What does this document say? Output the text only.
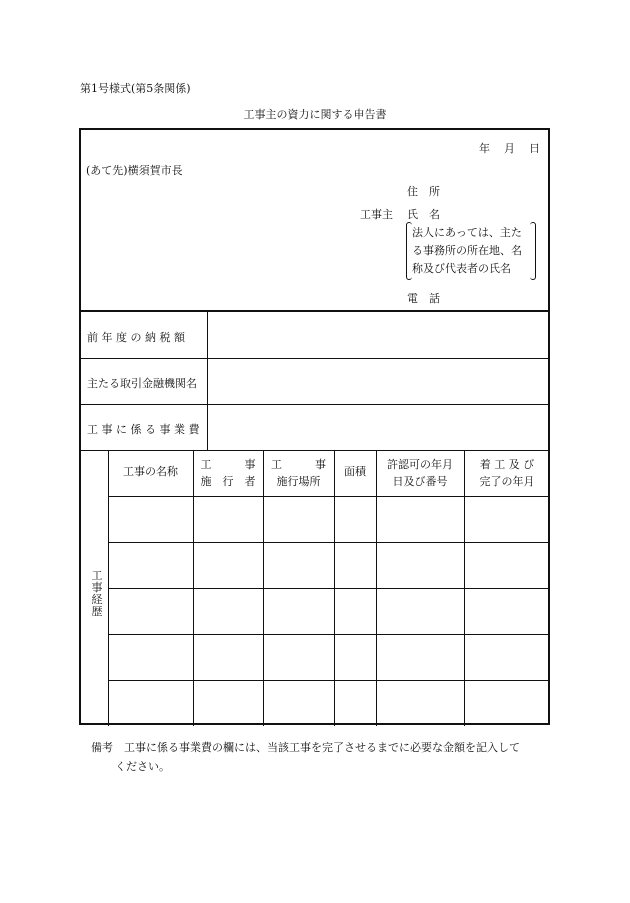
第1号様式(第5条関係)
工事主の資力に関する申告書
年 月 日
(あて先)横須賀市長
住　所
工事主 氏　名
法人にあっては、主た
る事務所の所在地、名
称及び代表者の氏名
電　話
前 年 度 の 納 税 額
主たる取引金融機関名
工 事 に 係 る 事 業 費
工事経歴
工事の名称
工　　　事
施　行　者
工　　　事
施行場所
面積
許認可の年月
日及び番号
着 工 及 び
完了の年月
備考　 工事に係る事業費の欄には、当該工事を完了させるまでに必要な金額を記入して
ください。
